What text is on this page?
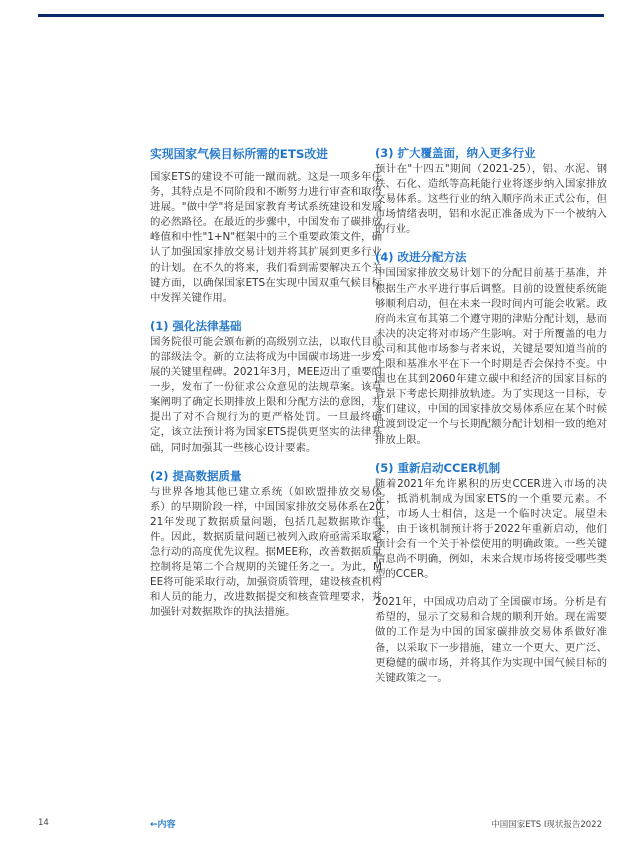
实现国家气候目标所需的ETS改进

国家ETS的建设不可能一蹴而就。这是一项多年任务，其特点是不同阶段和不断努力进行审查和取得进展。"做中学"将是国家教育考试系统建设和发展的必然路径。在最近的步骤中，中国发布了碳排放峰值和中性"1+N"框架中的三个重要政策文件，确认了加强国家排放交易计划并将其扩展到更多行业的计划。在不久的将来，我们看到需要解决五个关键方面，以确保国家ETS在实现中国双重气候目标中发挥关键作用。

(1) 强化法律基础

国务院很可能会颁布新的高级别立法，以取代目前的部级法令。新的立法将成为中国碳市场进一步发展的关键里程碑。2021年3月，MEE迈出了重要的一步，发布了一份征求公众意见的法规草案。该草案阐明了确定长期排放上限和分配方法的意图，并提出了对不合规行为的更严格处罚。一旦最终确定，该立法预计将为国家ETS提供更坚实的法律基础，同时加强其一些核心设计要素。

(2) 提高数据质量

与世界各地其他已建立系统（如欧盟排放交易体系）的早期阶段一样，中国国家排放交易体系在2021年发现了数据质量问题，包括几起数据欺诈事件。因此，数据质量问题已被列入政府亟需采取紧急行动的高度优先议程。据MEE称，改善数据质量控制将是第二个合规期的关键任务之一。为此，MEE将可能采取行动，加强资质管理，建设核查机构和人员的能力，改进数据提交和核查管理要求，并加强针对数据欺诈的执法措施。

(3) 扩大覆盖面，纳入更多行业

预计在"十四五"期间（2021-25），铝、水泥、钢铁、石化、造纸等高耗能行业将逐步纳入国家排放交易体系。这些行业的纳入顺序尚未正式公布，但市场情绪表明，铝和水泥正准备成为下一个被纳入的行业。

(4) 改进分配方法

中国国家排放交易计划下的分配目前基于基准，并根据生产水平进行事后调整。目前的设置使系统能够顺利启动，但在未来一段时间内可能会收紧。政府尚未宣布其第二个遵守期的津贴分配计划，悬而未决的决定将对市场产生影响。对于所覆盖的电力公司和其他市场参与者来说，关键是要知道当前的上限和基准水平在下一个时期是否会保持不变。中国也在其到2060年建立碳中和经济的国家目标的背景下考虑长期排放轨迹。为了实现这一目标，专家们建议，中国的国家排放交易体系应在某个时候过渡到设定一个与长期配额分配计划相一致的绝对排放上限。

(5) 重新启动CCER机制

随着2021年允许累积的历史CCER进入市场的决定，抵消机制成为国家ETS的一个重要元素。不过，市场人士相信，这是一个临时决定。展望未来，由于该机制预计将于2022年重新启动，他们预计会有一个关于补偿使用的明确政策。一些关键信息尚不明确，例如，未来合规市场将接受哪些类型的CCER。

2021年，中国成功启动了全国碳市场。分析是有希望的，显示了交易和合规的顺利开始。现在需要做的工作是为中国的国家碳排放交易体系做好准备，以采取下一步措施，建立一个更大、更广泛、更稳健的碳市场，并将其作为实现中国气候目标的关键政策之一。

14	←内容	中国国家ETS I现状报告2022
